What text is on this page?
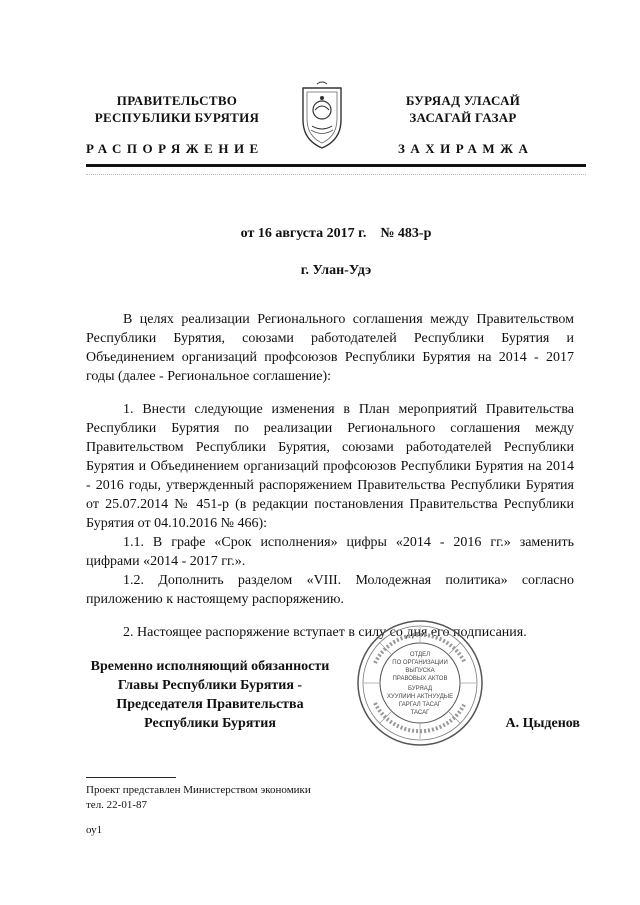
ПРАВИТЕЛЬСТВО
РЕСПУБЛИКИ БУРЯТИЯ
БУРЯАД УЛАСАЙ
ЗАСАГАЙ ГАЗАР
РАСПОРЯЖЕНИЕ	ЗАХИРАМЖА
от 16 августа 2017 г.    № 483-р
г. Улан-Удэ

В целях реализации Регионального соглашения между Правительством Республики Бурятия, союзами работодателей Республики Бурятия и Объединением организаций профсоюзов Республики Бурятия на 2014 - 2017 годы (далее - Региональное соглашение):

1. Внести следующие изменения в План мероприятий Правительства Республики Бурятия по реализации Регионального соглашения между Правительством Республики Бурятия, союзами работодателей Республики Бурятия и Объединением организаций профсоюзов Республики Бурятия на 2014 - 2016 годы, утвержденный распоряжением Правительства Республики Бурятия от 25.07.2014 № 451-р (в редакции постановления Правительства Республики Бурятия от 04.10.2016 № 466):

1.1. В графе «Срок исполнения» цифры «2014 - 2016 гг.» заменить цифрами «2014 - 2017 гг.».

1.2. Дополнить разделом «VIII. Молодежная политика» согласно приложению к настоящему распоряжению.

2. Настоящее распоряжение вступает в силу со дня его подписания.

Временно исполняющий обязанности
Главы Республики Бурятия -
Председателя Правительства
Республики Бурятия
ОТДЕЛ
ПО ОРГАНИЗАЦИИ
ВЫПУСКА
ПРАВОВЫХ АКТОВ
БУРЯАД
ХУУЛИИН АКТНУУДЫЕ
ГАРГАЛ ТАСАГ
ТАСАГ
А. Цыденов
Проект представлен Министерством экономики
тел. 22-01-87
оу1
